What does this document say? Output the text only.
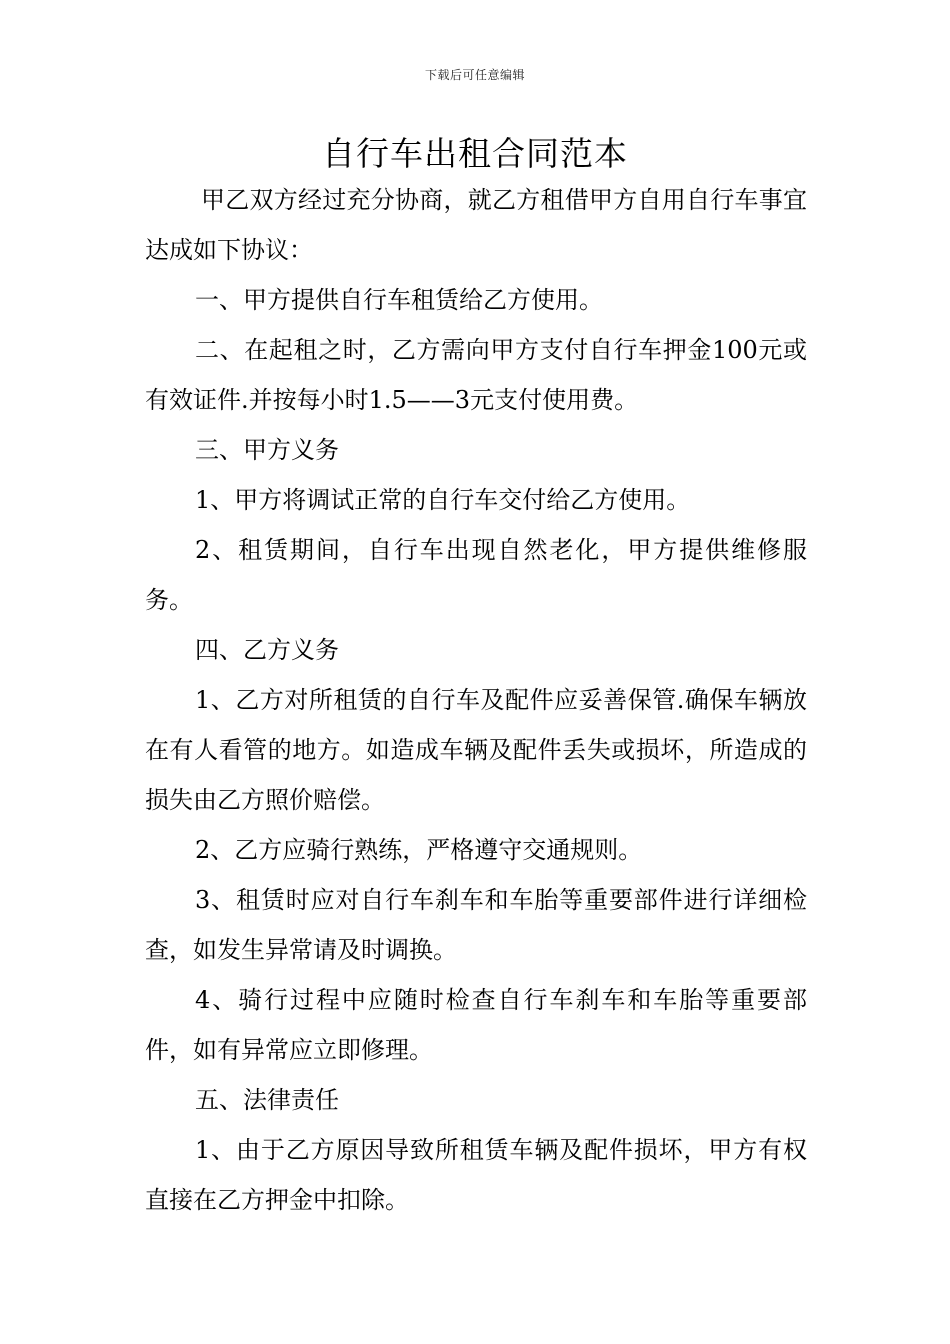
下载后可任意编辑
自行车出租合同范本

甲乙双方经过充分协商，就乙方租借甲方自用自行车事宜达成如下协议：

一、甲方提供自行车租赁给乙方使用。

二、在起租之时，乙方需向甲方支付自行车押金100元或有效证件.并按每小时1.5——3元支付使用费。

三、甲方义务

1、甲方将调试正常的自行车交付给乙方使用。

2、租赁期间，自行车出现自然老化，甲方提供维修服务。

四、乙方义务

1、乙方对所租赁的自行车及配件应妥善保管.确保车辆放在有人看管的地方。如造成车辆及配件丢失或损坏，所造成的损失由乙方照价赔偿。

2、乙方应骑行熟练，严格遵守交通规则。

3、租赁时应对自行车刹车和车胎等重要部件进行详细检查，如发生异常请及时调换。

4、骑行过程中应随时检查自行车刹车和车胎等重要部件，如有异常应立即修理。

五、法律责任

1、由于乙方原因导致所租赁车辆及配件损坏，甲方有权直接在乙方押金中扣除。
